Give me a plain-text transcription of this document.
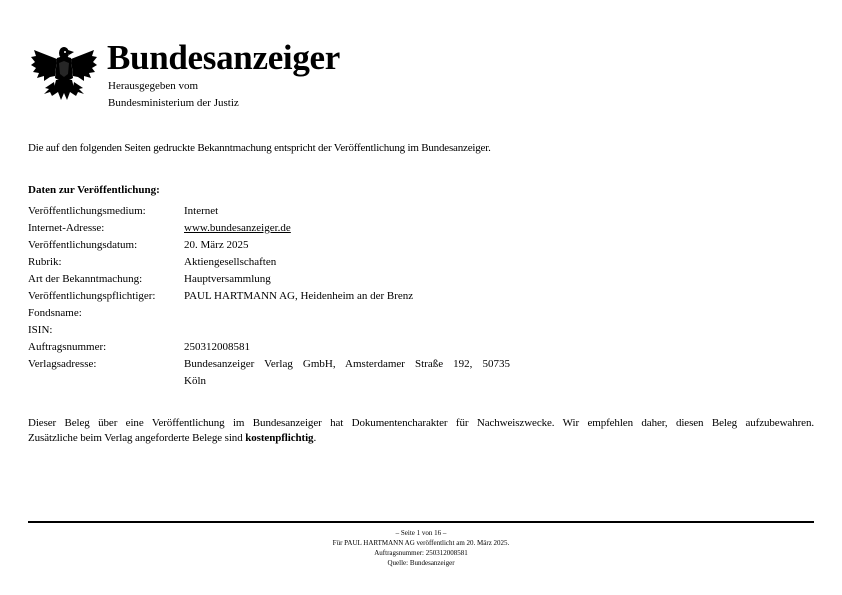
Bundesanzeiger
Herausgegeben vom
Bundesministerium der Justiz
Die auf den folgenden Seiten gedruckte Bekanntmachung entspricht der Veröffentlichung im Bundesanzeiger.
Daten zur Veröffentlichung:
Veröffentlichungsmedium:	Internet
Internet-Adresse:	www.bundesanzeiger.de
Veröffentlichungsdatum:	20. März 2025
Rubrik:	Aktiengesellschaften
Art der Bekanntmachung:	Hauptversammlung
Veröffentlichungspflichtiger:	PAUL HARTMANN AG, Heidenheim an der Brenz
Fondsname:
ISIN:
Auftragsnummer:	250312008581
Verlagsadresse:	Bundesanzeiger Verlag GmbH, Amsterdamer Straße 192, 50735
Köln
Dieser Beleg über eine Veröffentlichung im Bundesanzeiger hat Dokumentencharakter für Nachweiszwecke. Wir empfehlen daher, diesen Beleg aufzubewahren.
Zusätzliche beim Verlag angeforderte Belege sind kostenpflichtig.
– Seite 1 von 16 –
Für PAUL HARTMANN AG veröffentlicht am 20. März 2025.
Auftragsnummer: 250312008581
Quelle: Bundesanzeiger
